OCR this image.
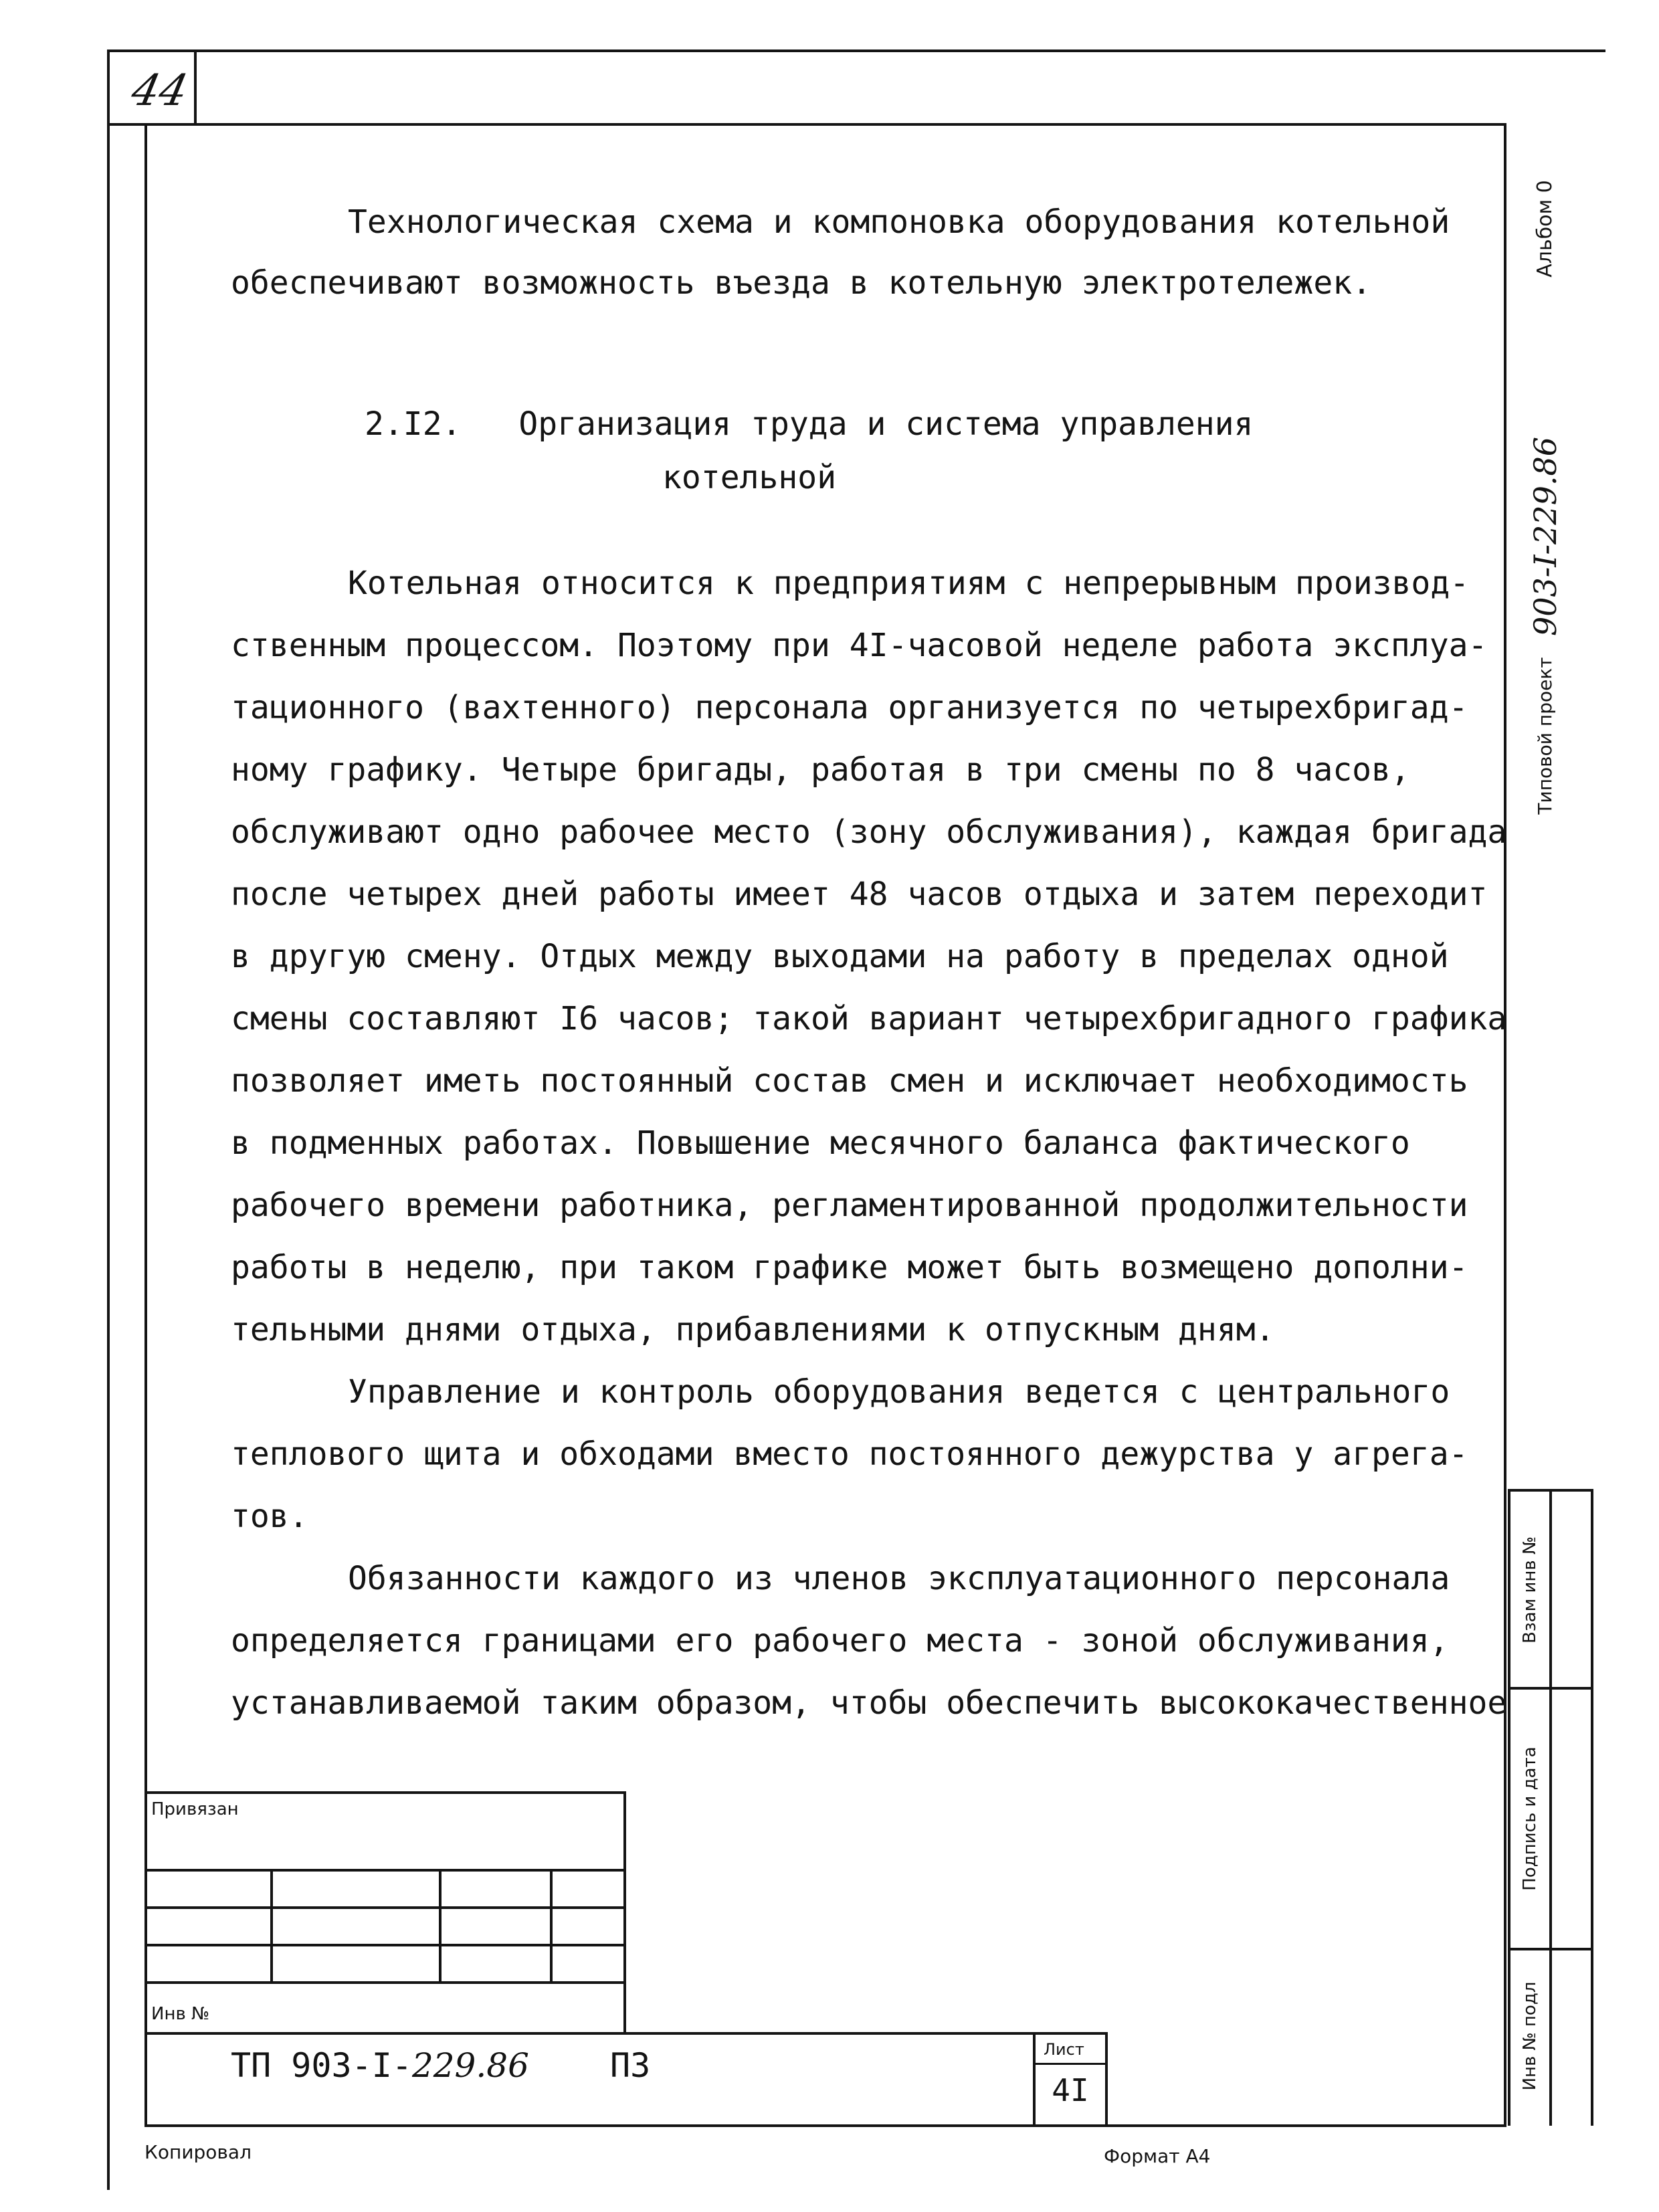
44
Альбом 0
Типовой проект
903-I-229.86
Взам инв №
Подпись и дата
Инв № подл
Технологическая схема и компоновка оборудования котельной
обеспечивают возможность въезда в котельную электротележек.
2.I2. Организация труда и система управления
котельной
Котельная относится к предприятиям с непрерывным производ-
ственным процессом. Поэтому при 4I-часовой неделе работа эксплуа-
тационного (вахтенного) персонала организуется по четырехбригад-
ному графику. Четыре бригады, работая в три смены по 8 часов,
обслуживают одно рабочее место (зону обслуживания), каждая бригада
после четырех дней работы имеет 48 часов отдыха и затем переходит
в другую смену. Отдых между выходами на работу в пределах одной
смены составляют I6 часов; такой вариант четырехбригадного графика
позволяет иметь постоянный состав смен и исключает необходимость
в подменных работах. Повышение месячного баланса фактического
рабочего времени работника, регламентированной продолжительности
работы в неделю, при таком графике может быть возмещено дополни-
тельными днями отдыха, прибавлениями к отпускным дням.
Управление и контроль оборудования ведется с центрального
теплового щита и обходами вместо постоянного дежурства у агрега-
тов.
Обязанности каждого из членов эксплуатационного персонала
определяется границами его рабочего места - зоной обслуживания,
устанавливаемой таким образом, чтобы обеспечить высококачественное
Привязан
Инв №
ТП 903-I-229.86 ПЗ	Лист
4I
Копировал	Формат А4
